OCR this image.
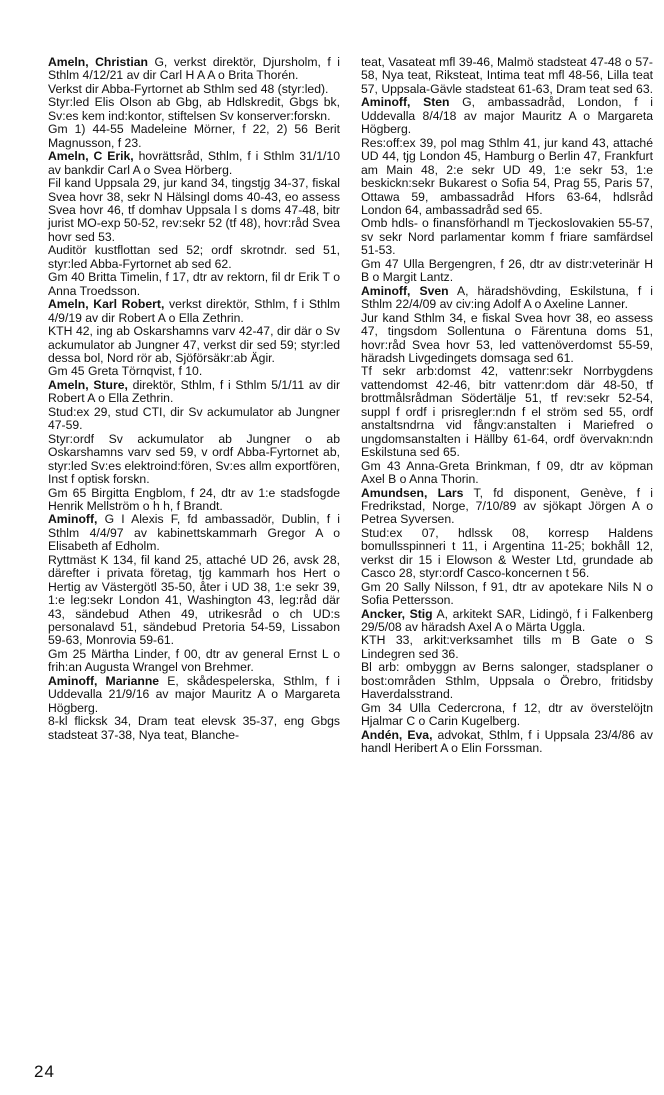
Ameln, Christian G, verkst direktör, Djursholm, f i Sthlm 4/12/21 av dir Carl H A A o Brita Thorén.

Verkst dir Abba-Fyrtornet ab Sthlm sed 48 (styr:led).

Styr:led Elis Olson ab Gbg, ab Hdlskredit, Gbgs bk, Sv:es kem ind:kontor, stiftelsen Sv konserver:forskn.

Gm 1) 44-55 Madeleine Mörner, f 22, 2) 56 Berit Magnusson, f 23.

Ameln, C Erik, hovrättsråd, Sthlm, f i Sthlm 31/1/10 av bankdir Carl A o Svea Hörberg.

Fil kand Uppsala 29, jur kand 34, tingstjg 34-37, fiskal Svea hovr 38, sekr N Hälsingl doms 40-43, eo assess Svea hovr 46, tf domhav Uppsala l s doms 47-48, bitr jurist MO-exp 50-52, rev:sekr 52 (tf 48), hovr:råd Svea hovr sed 53.

Auditör kustflottan sed 52; ordf skrotndr. sed 51, styr:led Abba-Fyrtornet ab sed 62.

Gm 40 Britta Timelin, f 17, dtr av rektorn, fil dr Erik T o Anna Troedsson.

Ameln, Karl Robert, verkst direktör, Sthlm, f i Sthlm 4/9/19 av dir Robert A o Ella Zethrin.

KTH 42, ing ab Oskarshamns varv 42-47, dir där o Sv ackumulator ab Jungner 47, verkst dir sed 59; styr:led dessa bol, Nord rör ab, Sjöförsäkr:ab Ägir.

Gm 45 Greta Törnqvist, f 10.

Ameln, Sture, direktör, Sthlm, f i Sthlm 5/1/11 av dir Robert A o Ella Zethrin.

Stud:ex 29, stud CTI, dir Sv ackumulator ab Jungner 47-59.

Styr:ordf Sv ackumulator ab Jungner o ab Oskarshamns varv sed 59, v ordf Abba-Fyrtornet ab, styr:led Sv:es elektroind:fören, Sv:es allm exportfören, Inst f optisk forskn.

Gm 65 Birgitta Engblom, f 24, dtr av 1:e stadsfogde Henrik Mellström o h h, f Brandt.

Aminoff, G I Alexis F, fd ambassadör, Dublin, f i Sthlm 4/4/97 av kabinettskammarh Gregor A o Elisabeth af Edholm.

Ryttmäst K 134, fil kand 25, attaché UD 26, avsk 28, därefter i privata företag, tjg kammarh hos Hert o Hertig av Västergötl 35-50, åter i UD 38, 1:e sekr 39, 1:e leg:sekr London 41, Washington 43, leg:råd där 43, sändebud Athen 49, utrikesråd o ch UD:s personalavd 51, sändebud Pretoria 54-59, Lissabon 59-63, Monrovia 59-61.

Gm 25 Märtha Linder, f 00, dtr av general Ernst L o frih:an Augusta Wrangel von Brehmer.

Aminoff, Marianne E, skådespelerska, Sthlm, f i Uddevalla 21/9/16 av major Mauritz A o Margareta Högberg.

8-kl flicksk 34, Dram teat elevsk 35-37, eng Gbgs stadsteat 37-38, Nya teat, Blanche-

teat, Vasateat mfl 39-46, Malmö stadsteat 47-48 o 57-58, Nya teat, Riksteat, Intima teat mfl 48-56, Lilla teat 57, Uppsala-Gävle stadsteat 61-63, Dram teat sed 63.

Aminoff, Sten G, ambassadråd, London, f i Uddevalla 8/4/18 av major Mauritz A o Margareta Högberg.

Res:off:ex 39, pol mag Sthlm 41, jur kand 43, attaché UD 44, tjg London 45, Hamburg o Berlin 47, Frankfurt am Main 48, 2:e sekr UD 49, 1:e sekr 53, 1:e beskickn:sekr Bukarest o Sofia 54, Prag 55, Paris 57, Ottawa 59, ambassadråd Hfors 63-64, hdlsråd London 64, ambassadråd sed 65.

Omb hdls- o finansförhandl m Tjeckoslovakien 55-57, sv sekr Nord parlamentar komm f friare samfärdsel 51-53.

Gm 47 Ulla Bergengren, f 26, dtr av distr:veterinär H B o Margit Lantz.

Aminoff, Sven A, häradshövding, Eskilstuna, f i Sthlm 22/4/09 av civ:ing Adolf A o Axeline Lanner.

Jur kand Sthlm 34, e fiskal Svea hovr 38, eo assess 47, tingsdom Sollentuna o Färentuna doms 51, hovr:råd Svea hovr 53, led vattenöverdomst 55-59, häradsh Livgedingets domsaga sed 61.

Tf sekr arb:domst 42, vattenr:sekr Norrbygdens vattendomst 42-46, bitr vattenr:dom där 48-50, tf brottmålsrådman Södertälje 51, tf rev:sekr 52-54, suppl f ordf i prisregler:ndn f el ström sed 55, ordf anstaltsndrna vid fångv:anstalten i Mariefred o ungdomsanstalten i Hällby 61-64, ordf övervakn:ndn Eskilstuna sed 65.

Gm 43 Anna-Greta Brinkman, f 09, dtr av köpman Axel B o Anna Thorin.

Amundsen, Lars T, fd disponent, Genève, f i Fredrikstad, Norge, 7/10/89 av sjökapt Jörgen A o Petrea Syversen.

Stud:ex 07, hdlssk 08, korresp Haldens bomullsspinneri t 11, i Argentina 11-25; bokhåll 12, verkst dir 15 i Elowson & Wester Ltd, grundade ab Casco 28, styr:ordf Casco-koncernen t 56.

Gm 20 Sally Nilsson, f 91, dtr av apotekare Nils N o Sofia Pettersson.

Ancker, Stig A, arkitekt SAR, Lidingö, f i Falkenberg 29/5/08 av häradsh Axel A o Märta Uggla.

KTH 33, arkit:verksamhet tills m B Gate o S Lindegren sed 36.

Bl arb: ombyggn av Berns salonger, stadsplaner o bost:områden Sthlm, Uppsala o Örebro, fritidsby Haverdalsstrand.

Gm 34 Ulla Cedercrona, f 12, dtr av överstelöjtn Hjalmar C o Carin Kugelberg.

Andén, Eva, advokat, Sthlm, f i Uppsala 23/4/86 av handl Heribert A o Elin Forssman.

24
